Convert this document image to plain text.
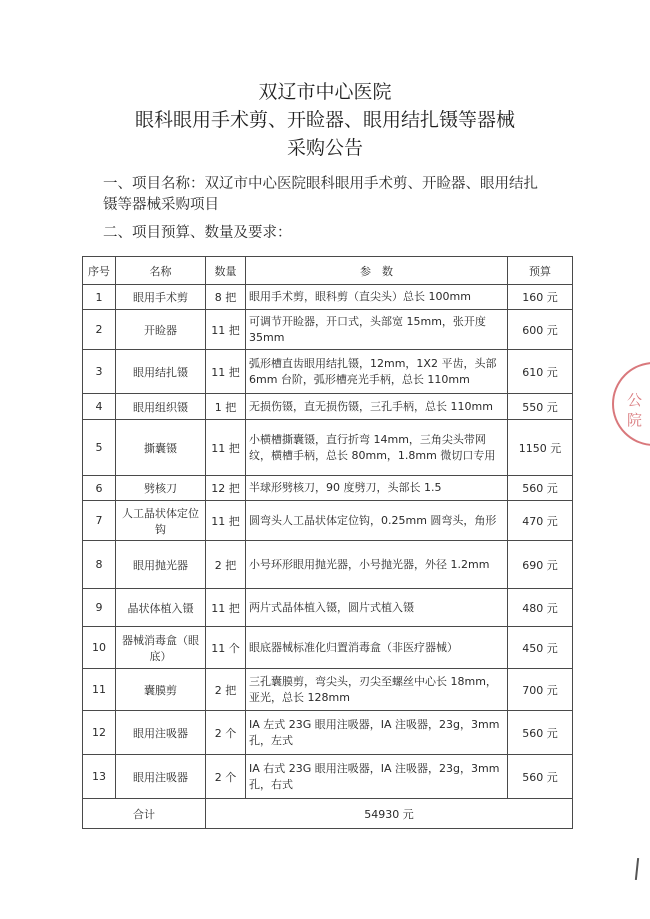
双辽市中心医院
眼科眼用手术剪、开睑器、眼用结扎镊等器械
采购公告
一、项目名称：双辽市中心医院眼科眼用手术剪、开睑器、眼用结扎
镊等器械采购项目
二、项目预算、数量及要求：
序号	名称	数量	参　数	预算
1	眼用手术剪	8 把	眼用手术剪，眼科剪（直尖头）总长 100mm	160 元
2	开睑器	11 把	可调节开睑器，开口式，头部宽 15mm，张开度 35mm	600 元
3	眼用结扎镊	11 把	弧形槽直齿眼用结扎镊，12mm，1X2 平齿，头部 6mm 台阶，弧形槽亮光手柄，总长 110mm	610 元
4	眼用组织镊	1 把	无损伤镊，直无损伤镊，三孔手柄，总长 110mm	550 元
5	撕囊镊	11 把	小横槽撕囊镊，直行折弯 14mm，三角尖头带网纹，横槽手柄，总长 80mm，1.8mm 微切口专用	1150 元
6	劈核刀	12 把	半球形劈核刀，90 度劈刀，头部长 1.5	560 元
7	人工晶状体定位钩	11 把	圆弯头人工晶状体定位钩，0.25mm 圆弯头，角形	470 元
8	眼用抛光器	2 把	小号环形眼用抛光器，小号抛光器，外径 1.2mm	690 元
9	晶状体植入镊	11 把	两片式晶体植入镊，圆片式植入镊	480 元
10	器械消毒盒（眼底）	11 个	眼底器械标准化归置消毒盒（非医疗器械）	450 元
11	囊膜剪	2 把	三孔囊膜剪，弯尖头，刃尖至螺丝中心长 18mm，亚光，总长 128mm	700 元
12	眼用注吸器	2 个	IA 左式 23G 眼用注吸器，IA 注吸器，23g，3mm 孔，左式	560 元
13	眼用注吸器	2 个	IA 右式 23G 眼用注吸器，IA 注吸器，23g，3mm 孔，右式	560 元
合计		54930 元		
公
院
